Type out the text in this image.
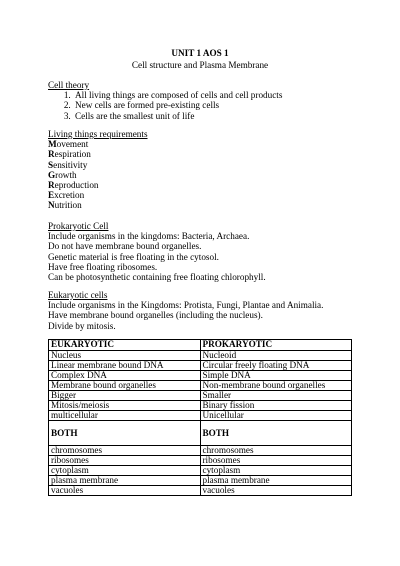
UNIT 1 AOS 1
Cell structure and Plasma Membrane
Cell theory
1. All living things are composed of cells and cell products
2. New cells are formed pre-existing cells
3. Cells are the smallest unit of life
Living things requirements
Movement
Respiration
Sensitivity
Growth
Reproduction
Excretion
Nutrition
Prokaryotic Cell
Include organisms in the kingdoms: Bacteria, Archaea.
Do not have membrane bound organelles.
Genetic material is free floating in the cytosol.
Have free floating ribosomes.
Can be photosynthetic containing free floating chlorophyll.
Eukaryotic cells
Include organisms in the Kingdoms: Protista, Fungi, Plantae and Animalia.
Have membrane bound organelles (including the nucleus).
Divide by mitosis.
EUKARYOTIC	PROKARYOTIC
Nucleus	Nucleoid
Linear membrane bound DNA	Circular freely floating DNA
Complex DNA	Simple DNA
Membrane bound organelles	Non-membrane bound organelles
Bigger	Smaller
Mitosis/meiosis	Binary fission
multicellular	Unicellular
BOTH	BOTH
chromosomes	chromosomes
ribosomes	ribosomes
cytoplasm	cytoplasm
plasma membrane	plasma membrane
vacuoles	vacuoles
